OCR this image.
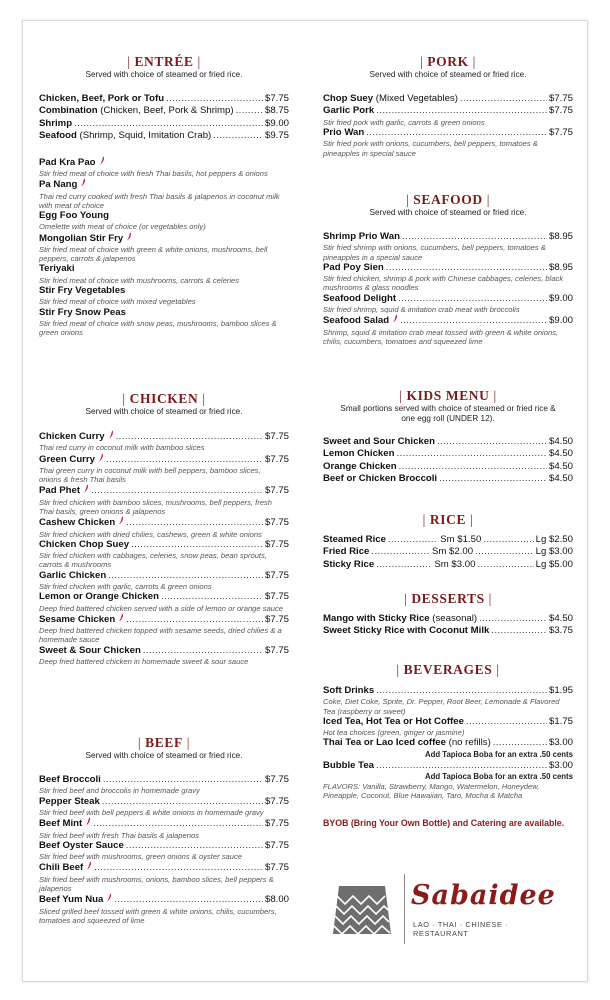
| ENTRÉE |
Served with choice of steamed or fried rice.
Chicken, Beef, Pork or Tofu .....	$7.75
Combination (Chicken, Beef, Pork & Shrimp) .....	$8.75
Shrimp .....	$9.00
Seafood (Shrimp, Squid, Imitation Crab) .....	$9.75
Pad Kra Pao
Stir fried meat of choice with fresh Thai basils, hot peppers & onions
Pa Nang
Thai red curry cooked with fresh Thai basils & jalapenos in coconut milk with meat of choice
Egg Foo Young
Omelette with meat of choice (or vegetables only)
Mongolian Stir Fry
Stir fried meat of choice with green & white onions, mushrooms, bell peppers, carrots & jalapenos
Teriyaki
Stir fried meat of choice with mushrooms, carrots & celeries
Stir Fry Vegetables
Stir fried meat of choice with mixed vegetables
Stir Fry Snow Peas
Stir fried meat of choice with snow peas, mushrooms, bamboo slices & green onions
| CHICKEN |
Served with choice of steamed or fried rice.
Chicken Curry .....	$7.75
Thai red curry in coconut milk with bamboo slices
Green Curry .....	$7.75
Thai green curry in coconut milk with bell peppers, bamboo slices, onions & fresh Thai basils
Pad Phet .....	$7.75
Stir fried chicken with bamboo slices, mushrooms, bell peppers, fresh Thai basils, green onions & jalapenos
Cashew Chicken .....	$7.75
Stir fried chicken with dried chilies, cashews, green & white onions
Chicken Chop Suey .....	$7.75
Stir fried chicken with cabbages, celeries, snow peas, bean sprouts, carrots & mushrooms
Garlic Chicken .....	$7.75
Stir fried chicken with garlic, carrots & green onions
Lemon or Orange Chicken .....	$7.75
Deep fried battered chicken served with a side of lemon or orange sauce
Sesame Chicken .....	$7.75
Deep fried battered chicken topped with sesame seeds, dried chilies & a homemade sauce
Sweet & Sour Chicken .....	$7.75
Deep fried battered chicken in homemade sweet & sour sauce
| BEEF |
Served with choice of steamed or fried rice.
Beef Broccoli .....	$7.75
Stir fried beef and broccolis in homemade gravy
Pepper Steak .....	$7.75
Stir fried beef with bell peppers & white onions in homemade gravy
Beef Mint .....	$7.75
Stir fried beef with fresh Thai basils & jalapenos
Beef Oyster Sauce .....	$7.75
Stir fried beef with mushrooms, green onions & oyster sauce
Chili Beef .....	$7.75
Stir fried beef with mushrooms, onions, bamboo slices, bell peppers & jalapenos
Beef Yum Nua .....	$8.00
Sliced grilled beef tossed with green & white onions, chilis, cucumbers, tomatoes and squeezed of lime
| PORK |
Served with choice of steamed or fried rice.
Chop Suey (Mixed Vegetables) .....	$7.75
Garlic Pork .....	$7.75
Stir fried pork with garlic, carrots & green onions
Prio Wan .....	$7.75
Stir fried pork with onions, cucumbers, bell peppers, tomatoes & pineapples in special sauce
| SEAFOOD |
Served with choice of steamed or fried rice.
Shrimp Prio Wan .....	$8.95
Stir fried shrimp with onions, cucumbers, bell peppers, tomatoes & pineapples in a special sauce
Pad Poy Sien .....	$8.95
Stir fried chicken, shrimp & pork with Chinese cabbages, celeries, black mushrooms & glass noodles
Seafood Delight .....	$9.00
Stir fried shrimp, squid & imitation crab meat with broccolis
Seafood Salad .....	$9.00
Shrimp, squid & imitation crab meat tossed with green & white onions, chilis, cucumbers, tomatoes and squeezed lime
| KIDS MENU |
Small portions served with choice of steamed or fried rice & one egg roll (UNDER 12).
Sweet and Sour Chicken .....	$4.50
Lemon Chicken .....	$4.50
Orange Chicken .....	$4.50
Beef or Chicken Broccoli .....	$4.50
| RICE |
Steamed Rice .....	Sm $1.50 .....	Lg $2.50
Fried Rice .....	Sm $2.00 .....	Lg $3.00
Sticky Rice .....	Sm $3.00 .....	Lg $5.00
| DESSERTS |
Mango with Sticky Rice (seasonal) .....	$4.50
Sweet Sticky Rice with Coconut Milk .....	$3.75
| BEVERAGES |
Soft Drinks .....	$1.95
Coke, Diet Coke, Sprite, Dr. Pepper, Root Beer, Lemonade & Flavored Tea (raspberry or sweet)
Iced Tea, Hot Tea or Hot Coffee .....	$1.75
Hot tea choices (green, ginger or jasmine)
Thai Tea or Lao Iced coffee (no refills) .....	$3.00
Add Tapioca Boba for an extra .50 cents
Bubble Tea .....	$3.00
Add Tapioca Boba for an extra .50 cents
FLAVORS: Vanilla, Strawberry, Mango, Watermelon, Honeydew, Pineapple, Coconut, Blue Hawaiian, Taro, Mocha & Matcha
BYOB (Bring Your Own Bottle) and Catering are available.
Sabaidee
LAO · THAI · CHINESE · RESTAURANT
